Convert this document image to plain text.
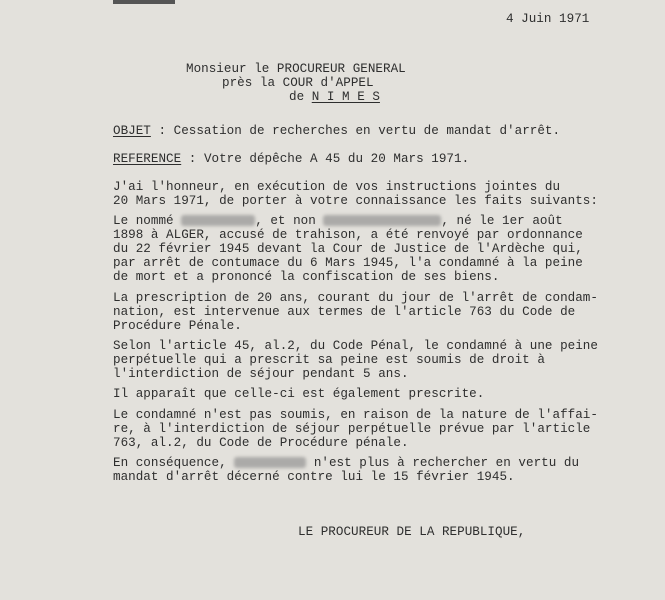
4 Juin 1971
Monsieur le PROCUREUR GENERAL
près la COUR d'APPEL
de N I M E S
OBJET : Cessation de recherches en vertu de mandat d'arrêt.
REFERENCE : Votre dépêche A 45 du 20 Mars 1971.
J'ai l'honneur, en exécution de vos instructions jointes du
20 Mars 1971, de porter à votre connaissance les faits suivants:
Le nommé	, et non	, né le 1er août
1898 à ALGER, accusé de trahison, a été renvoyé par ordonnance
du 22 février 1945 devant la Cour de Justice de l'Ardèche qui,
par arrêt de contumace du 6 Mars 1945, l'a condamné à la peine
de mort et a prononcé la confiscation de ses biens.
La prescription de 20 ans, courant du jour de l'arrêt de condam-
nation, est intervenue aux termes de l'article 763 du Code de
Procédure Pénale.
Selon l'article 45, al.2, du Code Pénal, le condamné à une peine
perpétuelle qui a prescrit sa peine est soumis de droit à
l'interdiction de séjour pendant 5 ans.
Il apparaît que celle-ci est également prescrite.
Le condamné n'est pas soumis, en raison de la nature de l'affai-
re, à l'interdiction de séjour perpétuelle prévue par l'article
763, al.2, du Code de Procédure pénale.
En conséquence,	n'est plus à rechercher en vertu du
mandat d'arrêt décerné contre lui le 15 février 1945.
LE PROCUREUR DE LA REPUBLIQUE,
